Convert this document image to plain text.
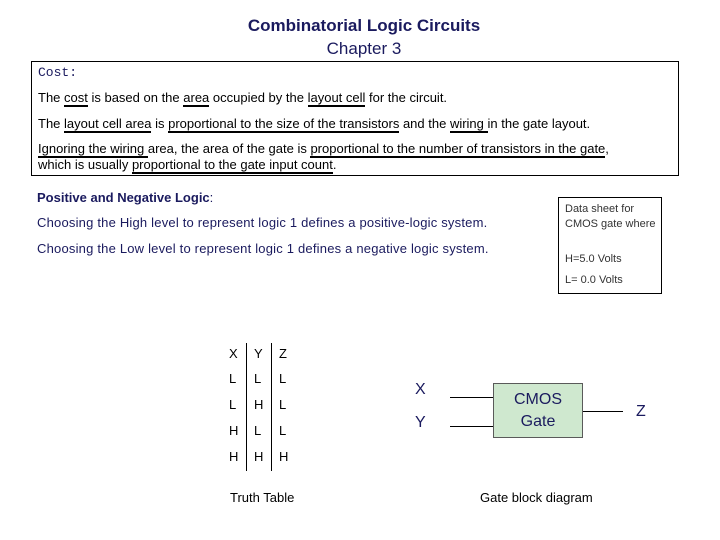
Combinatorial Logic Circuits
Chapter 3
Cost:
The cost is based on the area occupied by the layout cell for the circuit.
The layout cell area is proportional to the size of the transistors and the wiring in the gate layout.
Ignoring the wiring area, the area of the gate is proportional to the number of transistors in the gate,
which is usually proportional to the gate input count.
Positive and Negative Logic:
Choosing the High level to represent logic 1 defines a positive-logic system.
Choosing the Low level to represent logic 1 defines a negative logic system.
Data sheet for CMOS gate where
H=5.0 Volts
L= 0.0 Volts
X Y Z
L L L
L H L
H L L
H H H
Truth Table
X
Y
CMOS
Gate
Z
Gate block diagram
